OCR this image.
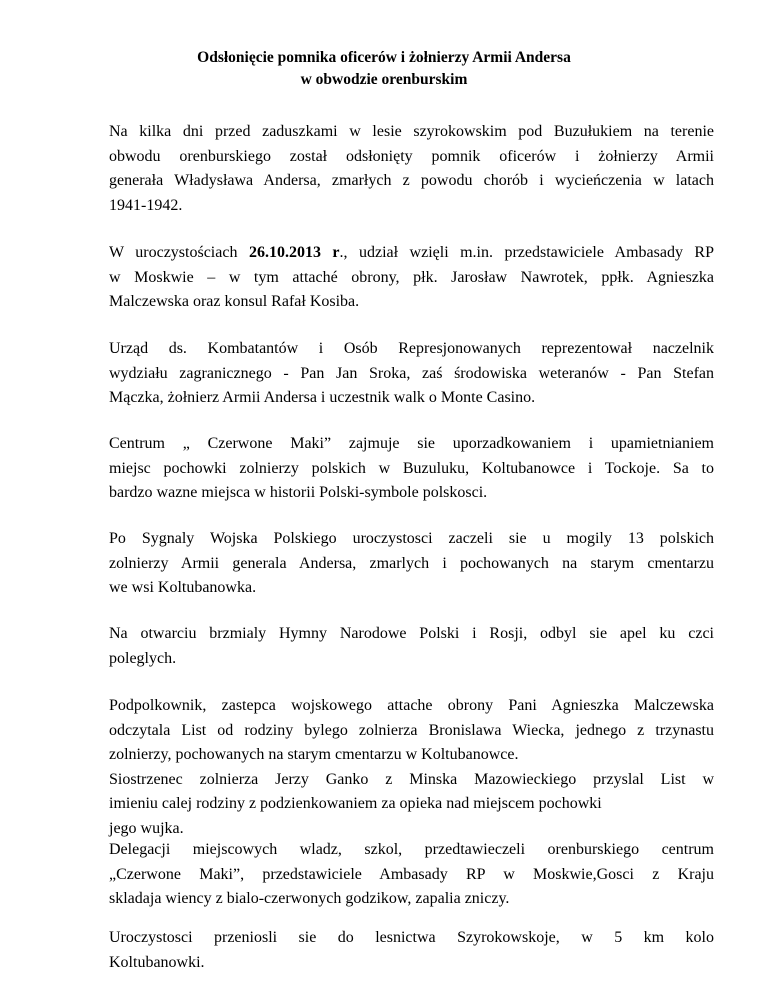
Odsłonięcie pomnika oficerów i żołnierzy Armii Andersa
w obwodzie orenburskim

Na kilka dni przed zaduszkami w lesie szyrokowskim pod Buzułukiem na terenie
obwodu orenburskiego został odsłonięty pomnik oficerów i żołnierzy Armii
generała Władysława Andersa, zmarłych z powodu chorób i wycieńczenia w latach
1941-1942.

W uroczystościach 26.10.2013 r., udział wzięli m.in. przedstawiciele Ambasady RP
w Moskwie – w tym attaché obrony, płk. Jarosław Nawrotek, ppłk. Agnieszka
Malczewska oraz konsul Rafał Kosiba.

Urząd ds. Kombatantów i Osób Represjonowanych reprezentował naczelnik
wydziału zagranicznego - Pan Jan Sroka, zaś środowiska weteranów - Pan Stefan
Mączka, żołnierz Armii Andersa i uczestnik walk o Monte Casino.

Centrum „ Czerwone Maki” zajmuje sie uporzadkowaniem i upamietnianiem
miejsc pochowki zolnierzy polskich w Buzuluku, Koltubanowce i Tockoje. Sa to
bardzo wazne miejsca w historii Polski-symbole polskosci.

Po Sygnaly Wojska Polskiego uroczystosci zaczeli sie u mogily 13 polskich
zolnierzy Armii generala Andersa, zmarlych i pochowanych na starym cmentarzu
we wsi Koltubanowka.

Na otwarciu brzmialy Hymny Narodowe Polski i Rosji, odbyl sie apel ku czci
poleglych.

Podpolkownik, zastepca wojskowego attache obrony Pani Agnieszka Malczewska
odczytala List od rodziny bylego zolnierza Bronislawa Wiecka, jednego z trzynastu
zolnierzy, pochowanych na starym cmentarzu w Koltubanowce.
Siostrzenec zolnierza Jerzy Ganko z Minska Mazowieckiego przyslal List w
imieniu calej rodziny z podzienkowaniem za opieka nad miejscem pochowki
jego wujka.

Delegacji miejscowych wladz, szkol, przedtawieczeli orenburskiego centrum
„Czerwone Maki”, przedstawiciele Ambasady RP w Moskwie,Gosci z Kraju
skladaja wiency z bialo-czerwonych godzikow, zapalia zniczy.

Uroczystosci przeniosli sie do lesnictwa Szyrokowskoje, w 5 km kolo
Koltubanowki.
